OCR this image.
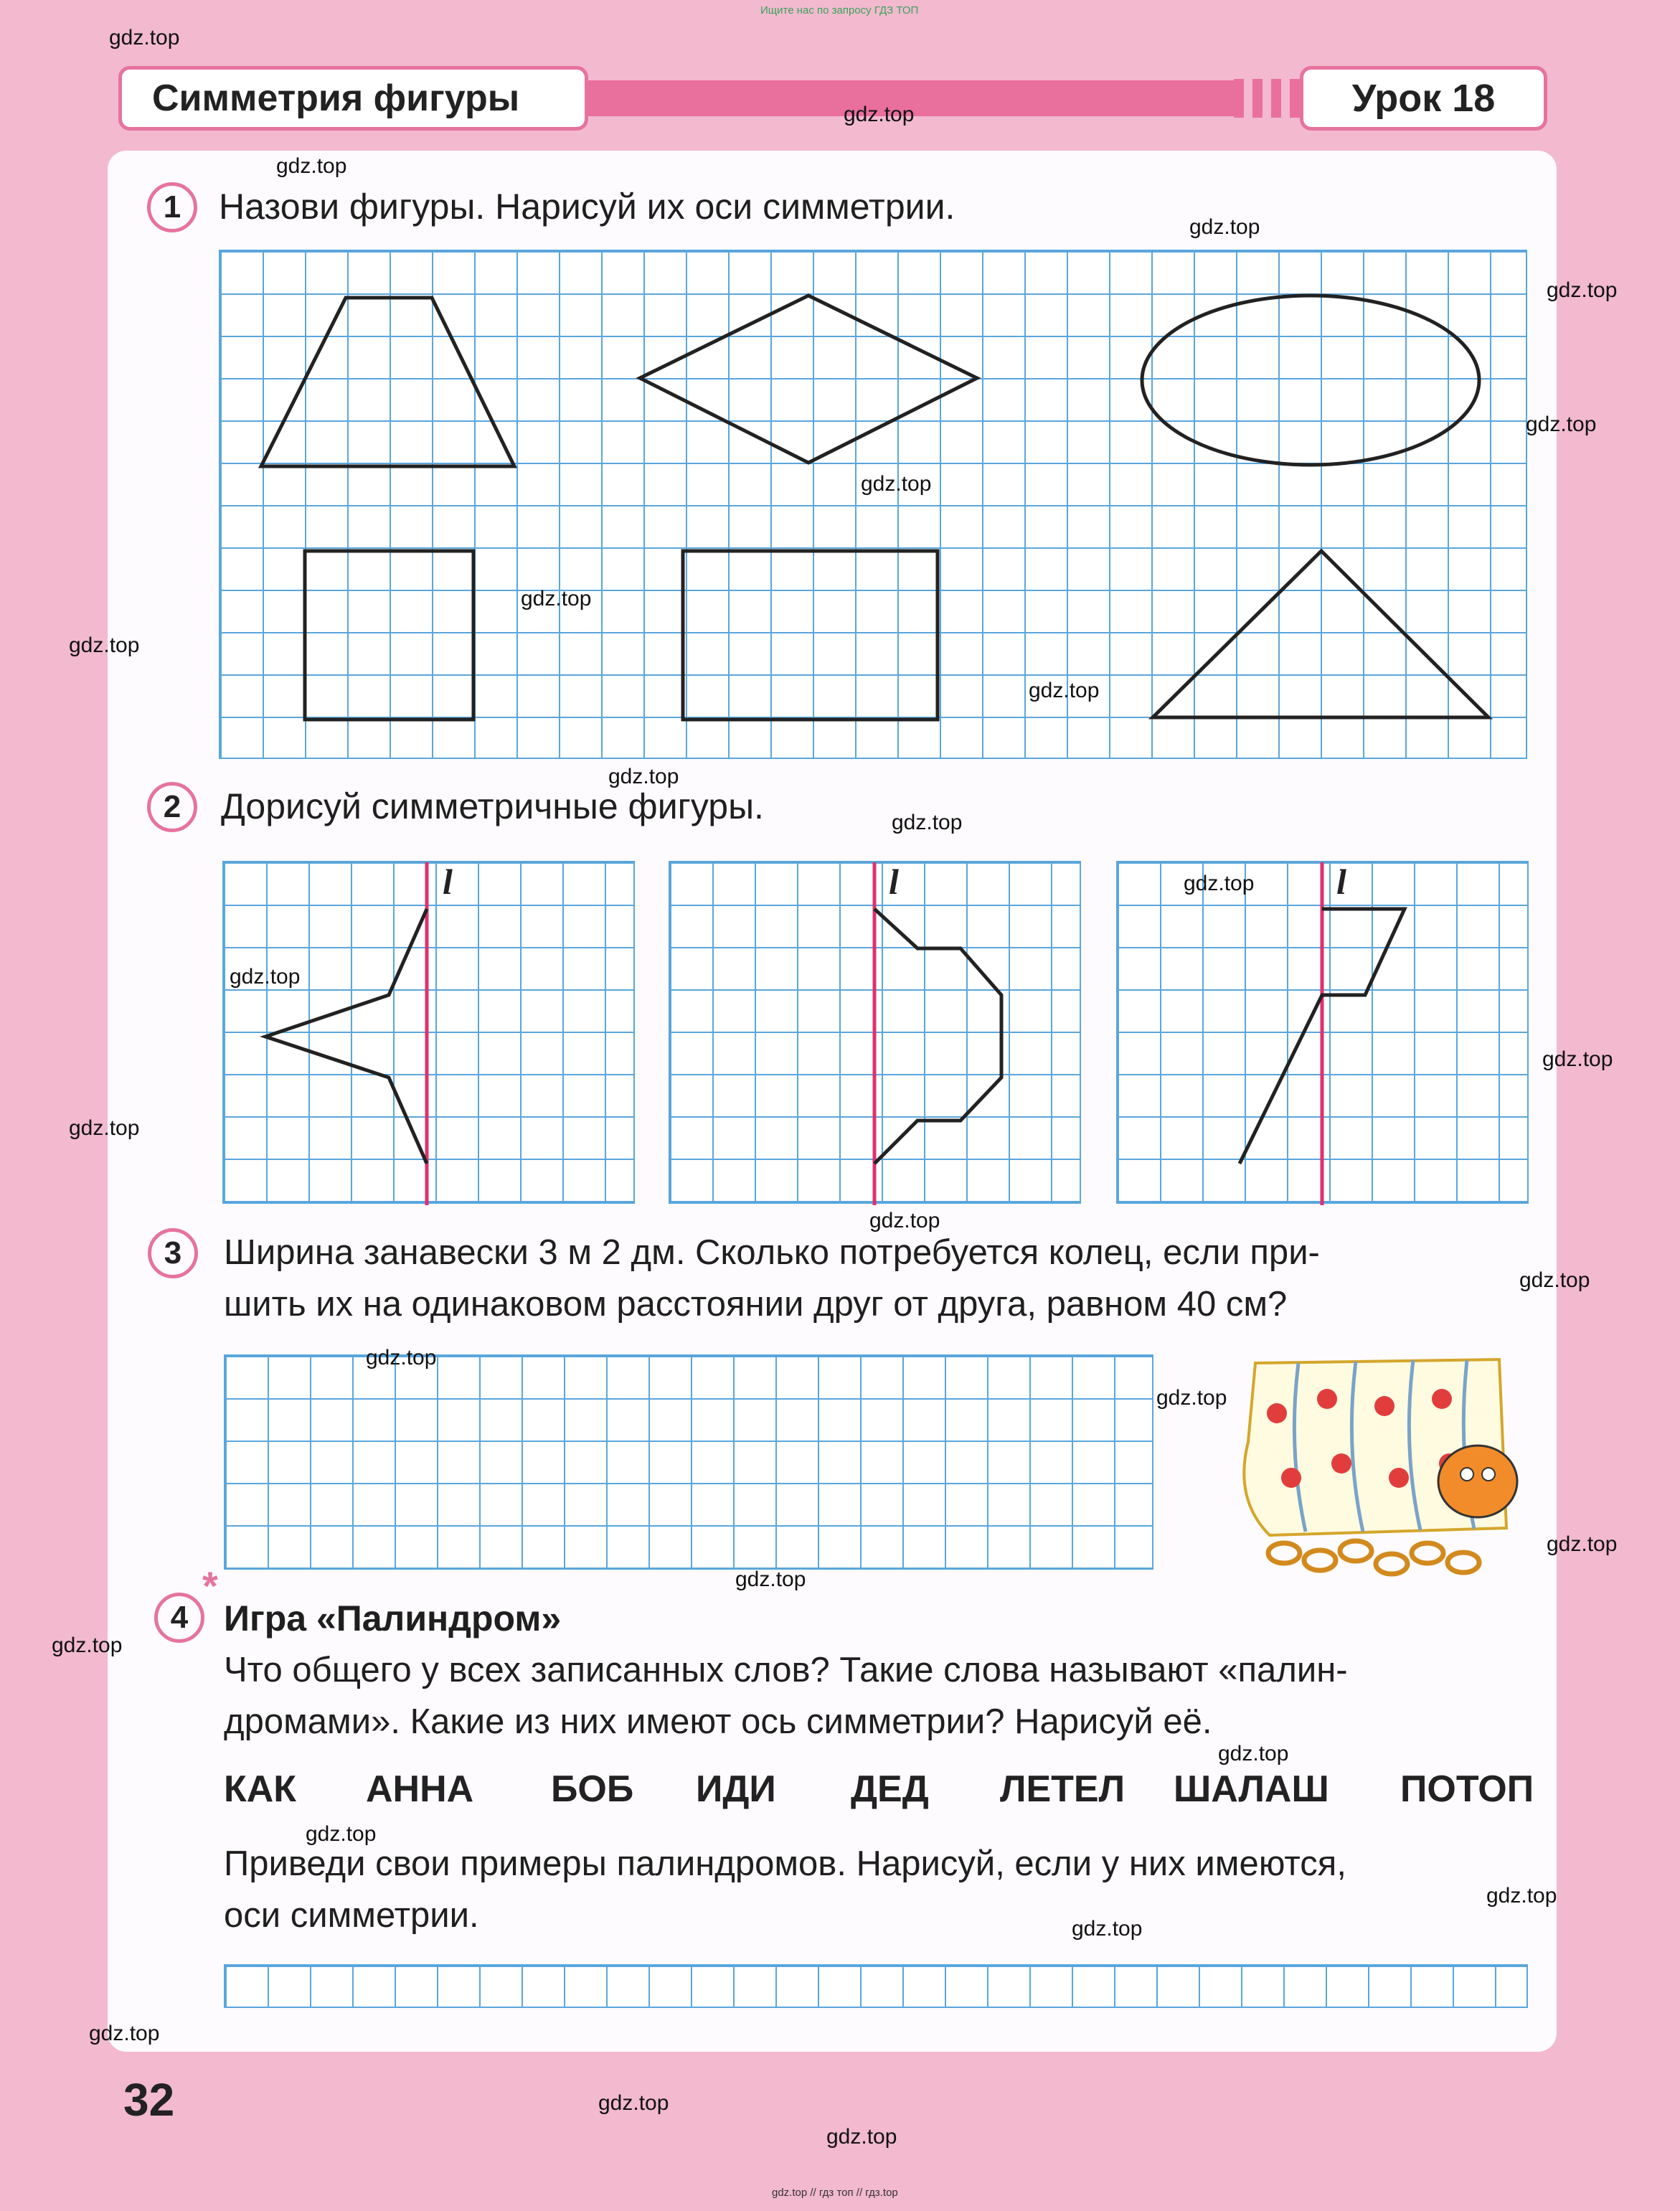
Ищите нас по запросу ГДЗ ТОП
Симметрия фигуры	Урок 18
1	Назови фигуры. Нарисуй их оси симметрии.
2	Дорисуй симметричные фигуры.
l	l	l
3	Ширина занавески 3 м 2 дм. Сколько потребуется колец, если при-
шить их на одинаковом расстоянии друг от друга, равном 40 см?
4
*
Игра «Палиндром»
Что общего у всех записанных слов? Такие слова называют «палин-
дромами». Какие из них имеют ось симметрии? Нарисуй её.
КАК АННА БОБ ИДИ ДЕД ЛЕТЕЛ ШАЛАШ ПОТОП
Приведи свои примеры палиндромов. Нарисуй, если у них имеются,
оси симметрии.
32
gdz.top
gdz.top
gdz.top
gdz.top
gdz.top
gdz.top
gdz.top
gdz.top
gdz.top
gdz.top
gdz.top
gdz.top
gdz.top
gdz.top
gdz.top
gdz.top
gdz.top
gdz.top
gdz.top
gdz.top
gdz.top
gdz.top
gdz.top
gdz.top
gdz.top
gdz.top
gdz.top
gdz.top
gdz.top
gdz.top
gdz.top // гдз топ // гдз.top
